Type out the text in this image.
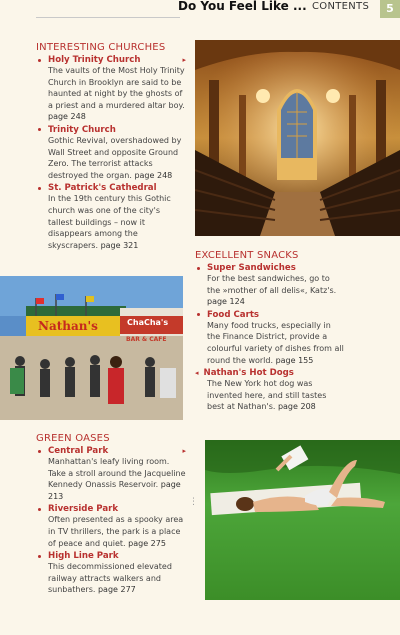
Do You Feel Like ... CONTENTS	5
INTERESTING CHURCHES
Holy Trinity Church	▸
The vaults of the Most Holy Trinity Church in Brooklyn are said to be haunted at night by the ghosts of a priest and a murdered altar boy. page 248
Trinity Church
Gothic Revival, overshadowed by Wall Street and opposite Ground Zero. The terrorist attacks destroyed the organ. page 248
St. Patrick's Cathedral
In the 19th century this Gothic church was one of the city's tallest buildings – now it disappears among the skyscrapers. page 321
Nathan's	ChaCha's
BAR & CAFE
EXCELLENT SNACKS
Super Sandwiches
For the best sandwiches, go to the »mother of all delis«, Katz's. page 124
Food Carts
Many food trucks, especially in the Finance District, provide a colourful variety of dishes from all round the world. page 155
◂ Nathan's Hot Dogs
The New York hot dog was invented here, and still tastes best at Nathan's. page 208
GREEN OASES
Central Park	▸
Manhattan's leafy living room. Take a stroll around the Jacqueline Kennedy Onassis Reservoir. page 213
Riverside Park
Often presented as a spooky area in TV thrillers, the park is a place of peace and quiet. page 275
High Line Park
This decommissioned elevated railway attracts walkers and sunbathers. page 277
⋮
